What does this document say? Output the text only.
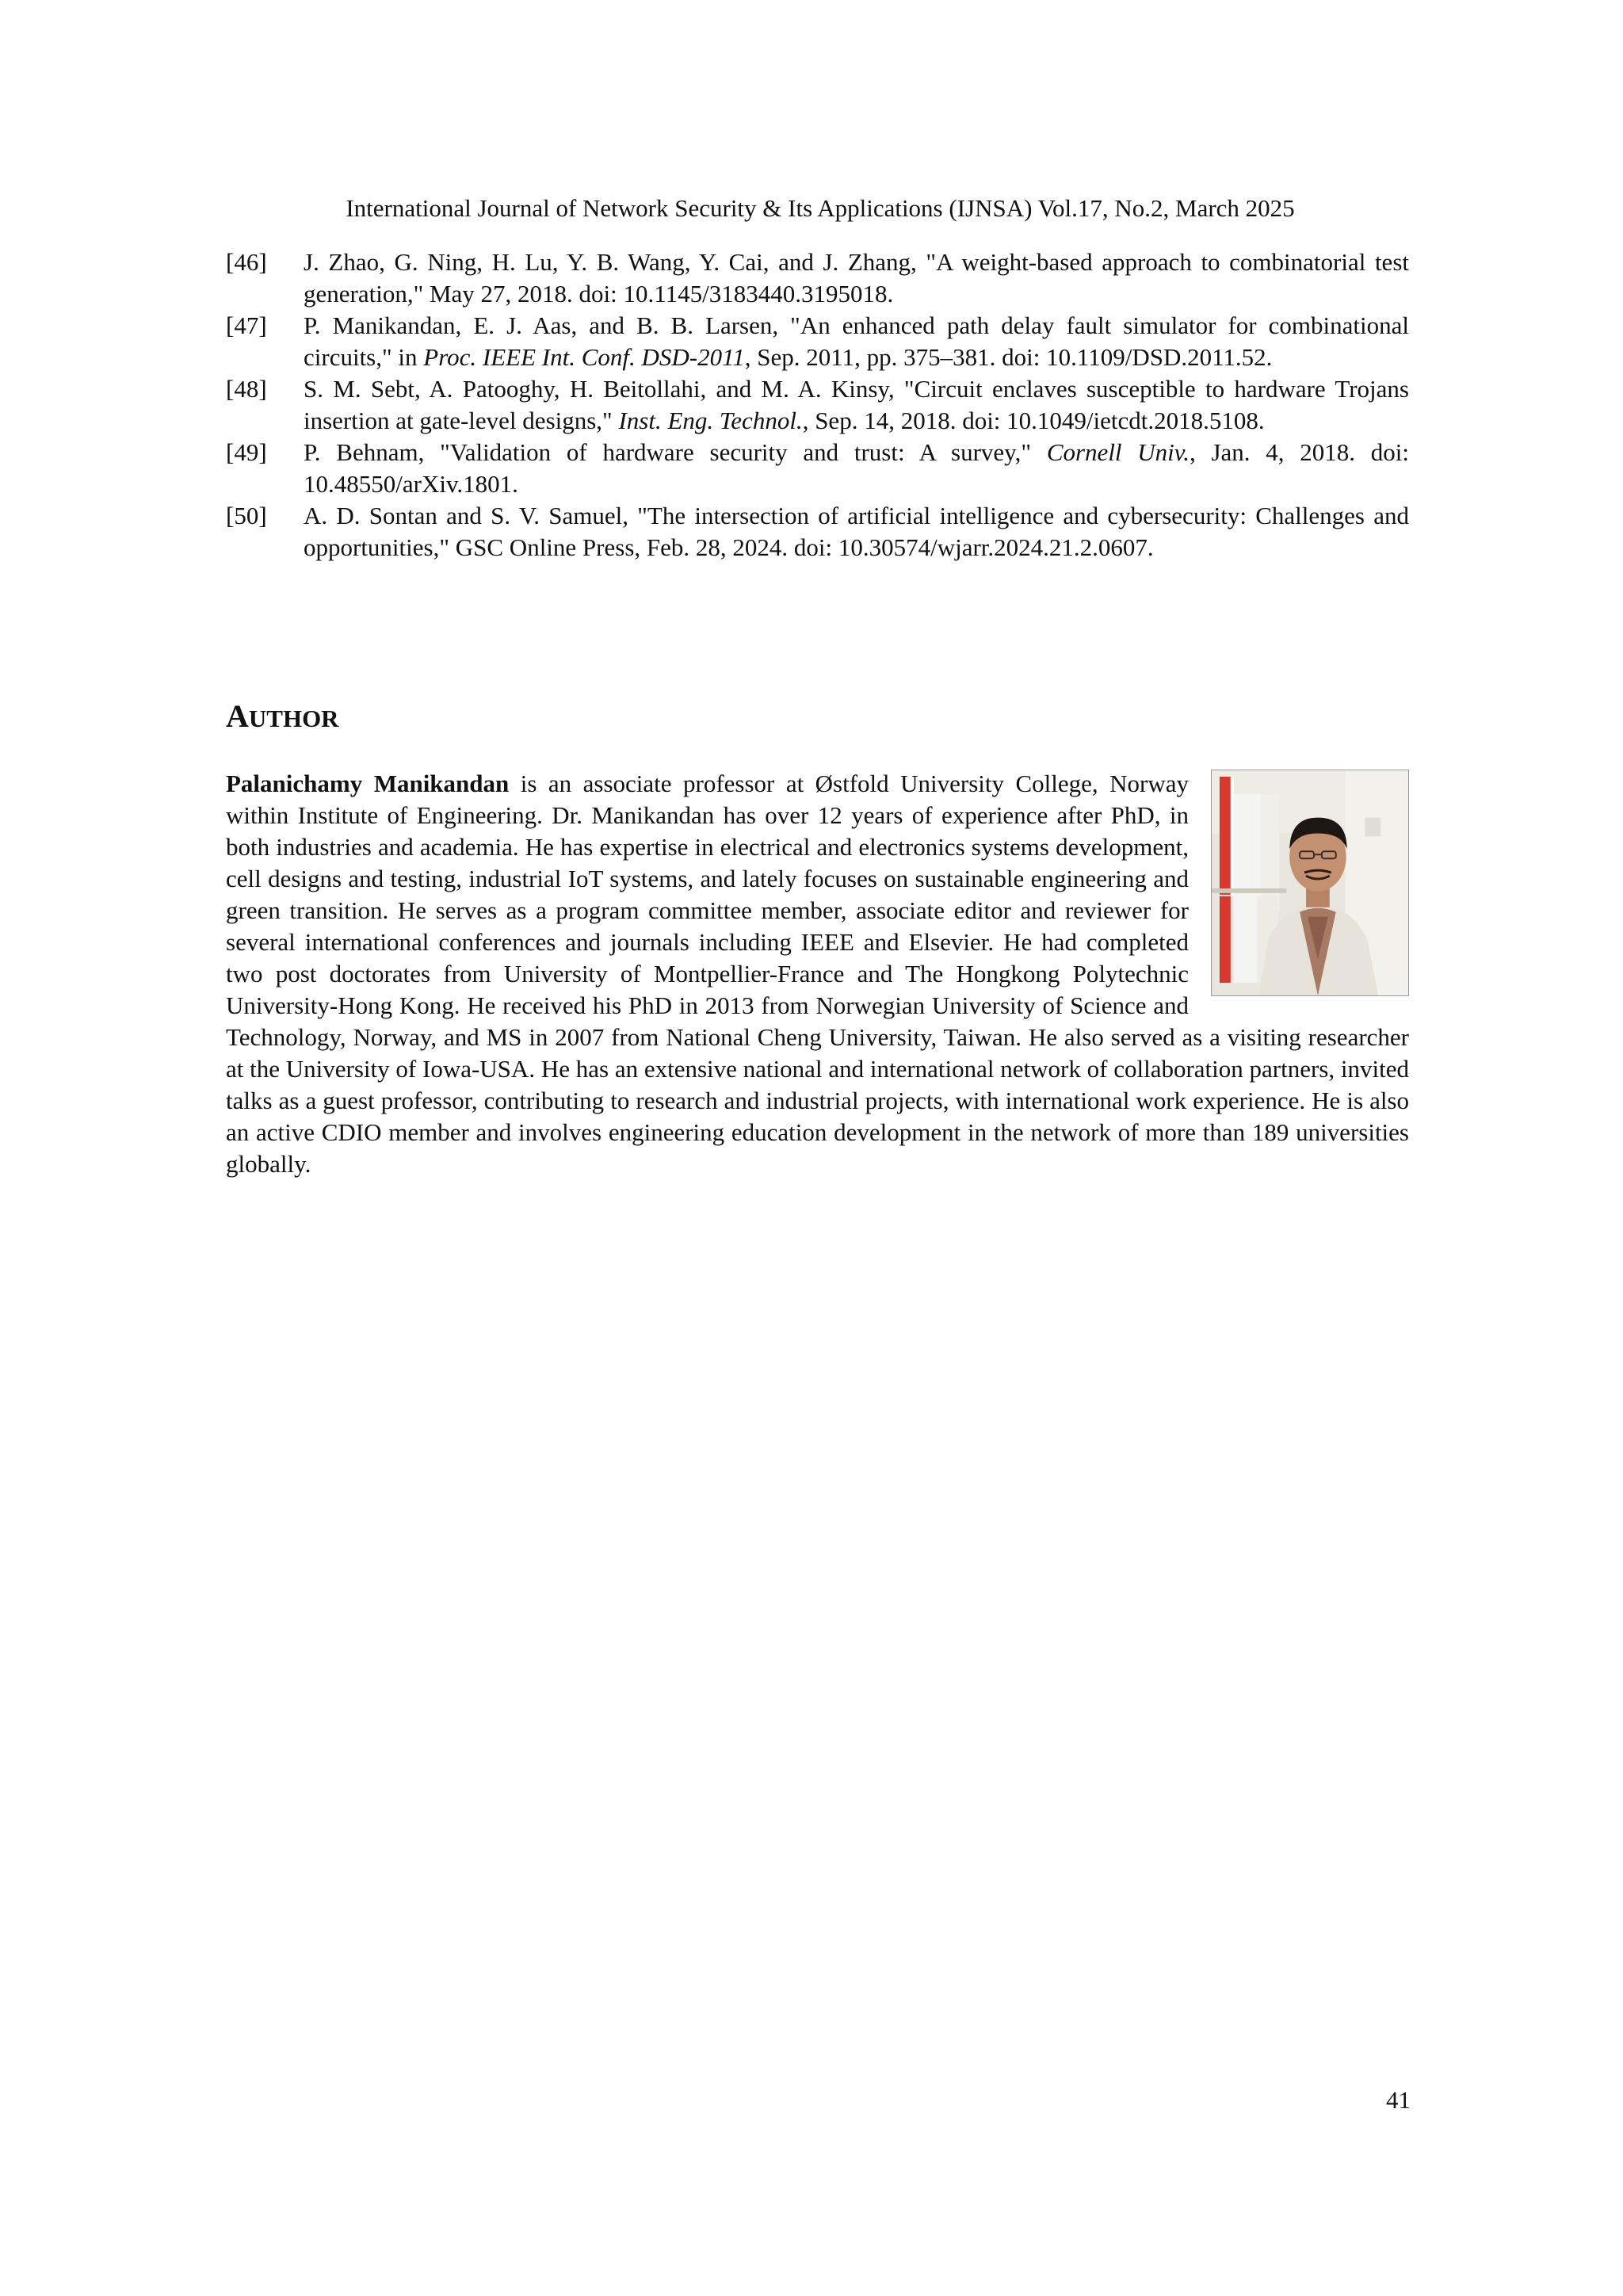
International Journal of Network Security & Its Applications (IJNSA) Vol.17, No.2, March 2025
[46] J. Zhao, G. Ning, H. Lu, Y. B. Wang, Y. Cai, and J. Zhang, "A weight-based approach to combinatorial test generation," May 27, 2018. doi: 10.1145/3183440.3195018.
[47] P. Manikandan, E. J. Aas, and B. B. Larsen, "An enhanced path delay fault simulator for combinational circuits," in Proc. IEEE Int. Conf. DSD-2011, Sep. 2011, pp. 375–381. doi: 10.1109/DSD.2011.52.
[48] S. M. Sebt, A. Patooghy, H. Beitollahi, and M. A. Kinsy, "Circuit enclaves susceptible to hardware Trojans insertion at gate-level designs," Inst. Eng. Technol., Sep. 14, 2018. doi: 10.1049/ietcdt.2018.5108.
[49] P. Behnam, "Validation of hardware security and trust: A survey," Cornell Univ., Jan. 4, 2018. doi: 10.48550/arXiv.1801.
[50] A. D. Sontan and S. V. Samuel, "The intersection of artificial intelligence and cybersecurity: Challenges and opportunities," GSC Online Press, Feb. 28, 2024. doi: 10.30574/wjarr.2024.21.2.0607.
AUTHOR

Palanichamy Manikandan is an associate professor at Østfold University College, Norway within Institute of Engineering. Dr. Manikandan has over 12 years of experience after PhD, in both industries and academia. He has expertise in electrical and electronics systems development, cell designs and testing, industrial IoT systems, and lately focuses on sustainable engineering and green transition. He serves as a program committee member, associate editor and reviewer for several international conferences and journals including IEEE and Elsevier. He had completed two post doctorates from University of Montpellier-France and The Hongkong Polytechnic University-Hong Kong. He received his PhD in 2013 from Norwegian University of Science and Technology, Norway, and MS in 2007 from National Cheng University, Taiwan. He also served as a visiting researcher at the University of Iowa-USA. He has an extensive national and international network of collaboration partners, invited talks as a guest professor, contributing to research and industrial projects, with international work experience. He is also an active CDIO member and involves engineering education development in the network of more than 189 universities globally.

41
